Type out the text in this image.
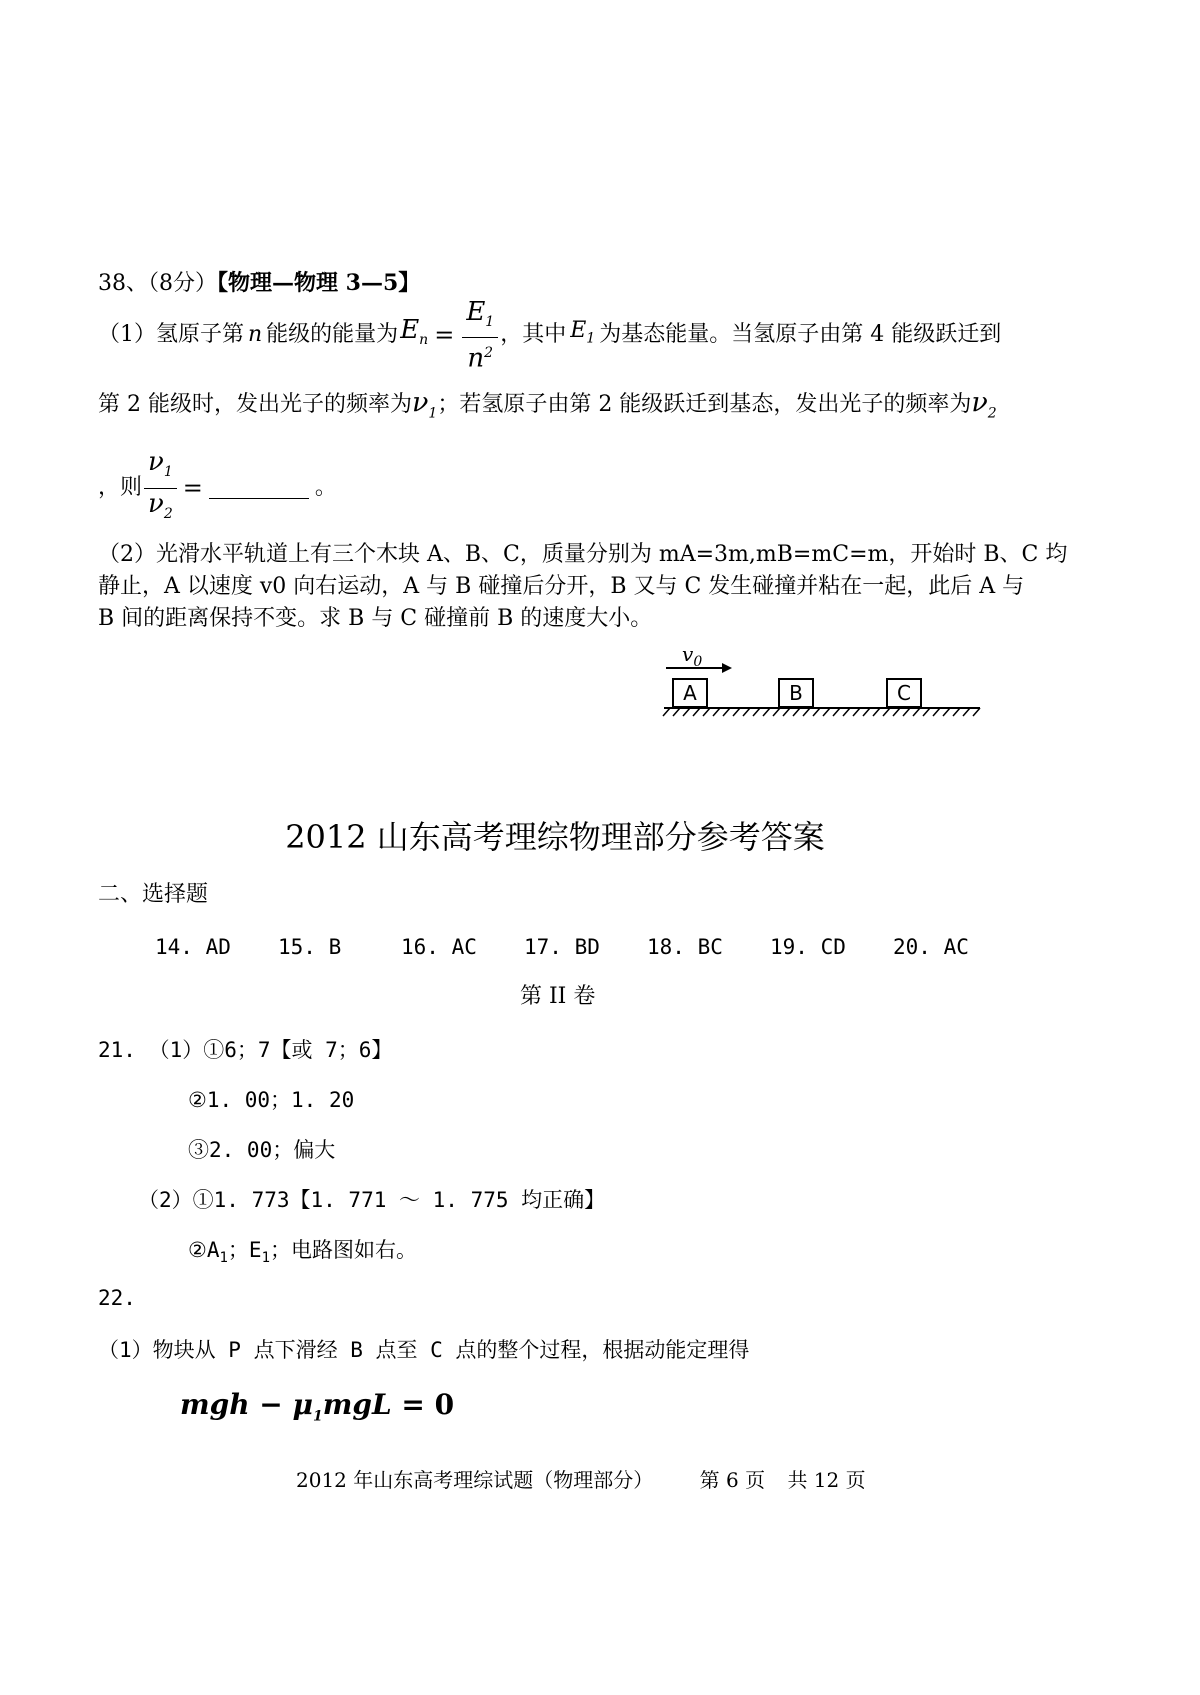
38、（8分）【物理—物理 3—5】
（1）氢原子第 n 能级的能量为 $E_n = \frac{E_1}{n^2}$ ，其中 $E_1$ 为基态能量。当氢原子由第 4 能级跃迁到
第 2 能级时，发出光子的频率为$\nu_1$；若氢原子由第 2 能级跃迁到基态，发出光子的频率为$\nu_2$
，则 $\frac{\nu_1}{\nu_2}$ =	。
（2）光滑水平轨道上有三个木块 A、B、C，质量分别为 mA=3m,mB=mC=m，开始时 B、C 均
静止，A 以速度 v0 向右运动，A 与 B 碰撞后分开，B 又与 C 发生碰撞并粘在一起，此后 A 与
B 间的距离保持不变。求 B 与 C 碰撞前 B 的速度大小。
$v_0$
A	B	C
2012 山东高考理综物理部分参考答案
二、选择题
14. AD	15. B	16. AC	17. BD	18. BC	19. CD	20. AC
第 II 卷
21. （1）①6；7【或 7；6】
②1. 00；1. 20
③2. 00；偏大
（2）①1. 773【1. 771 ～ 1. 775 均正确】
$②A_1$；$E_1$；电路图如右。
22.
（1）物块从 P 点下滑经 B 点至 C 点的整个过程，根据动能定理得
mgh − $\mu_1mgL = 0$
2012 年山东高考理综试题（物理部分） 第 6 页 共 12 页
